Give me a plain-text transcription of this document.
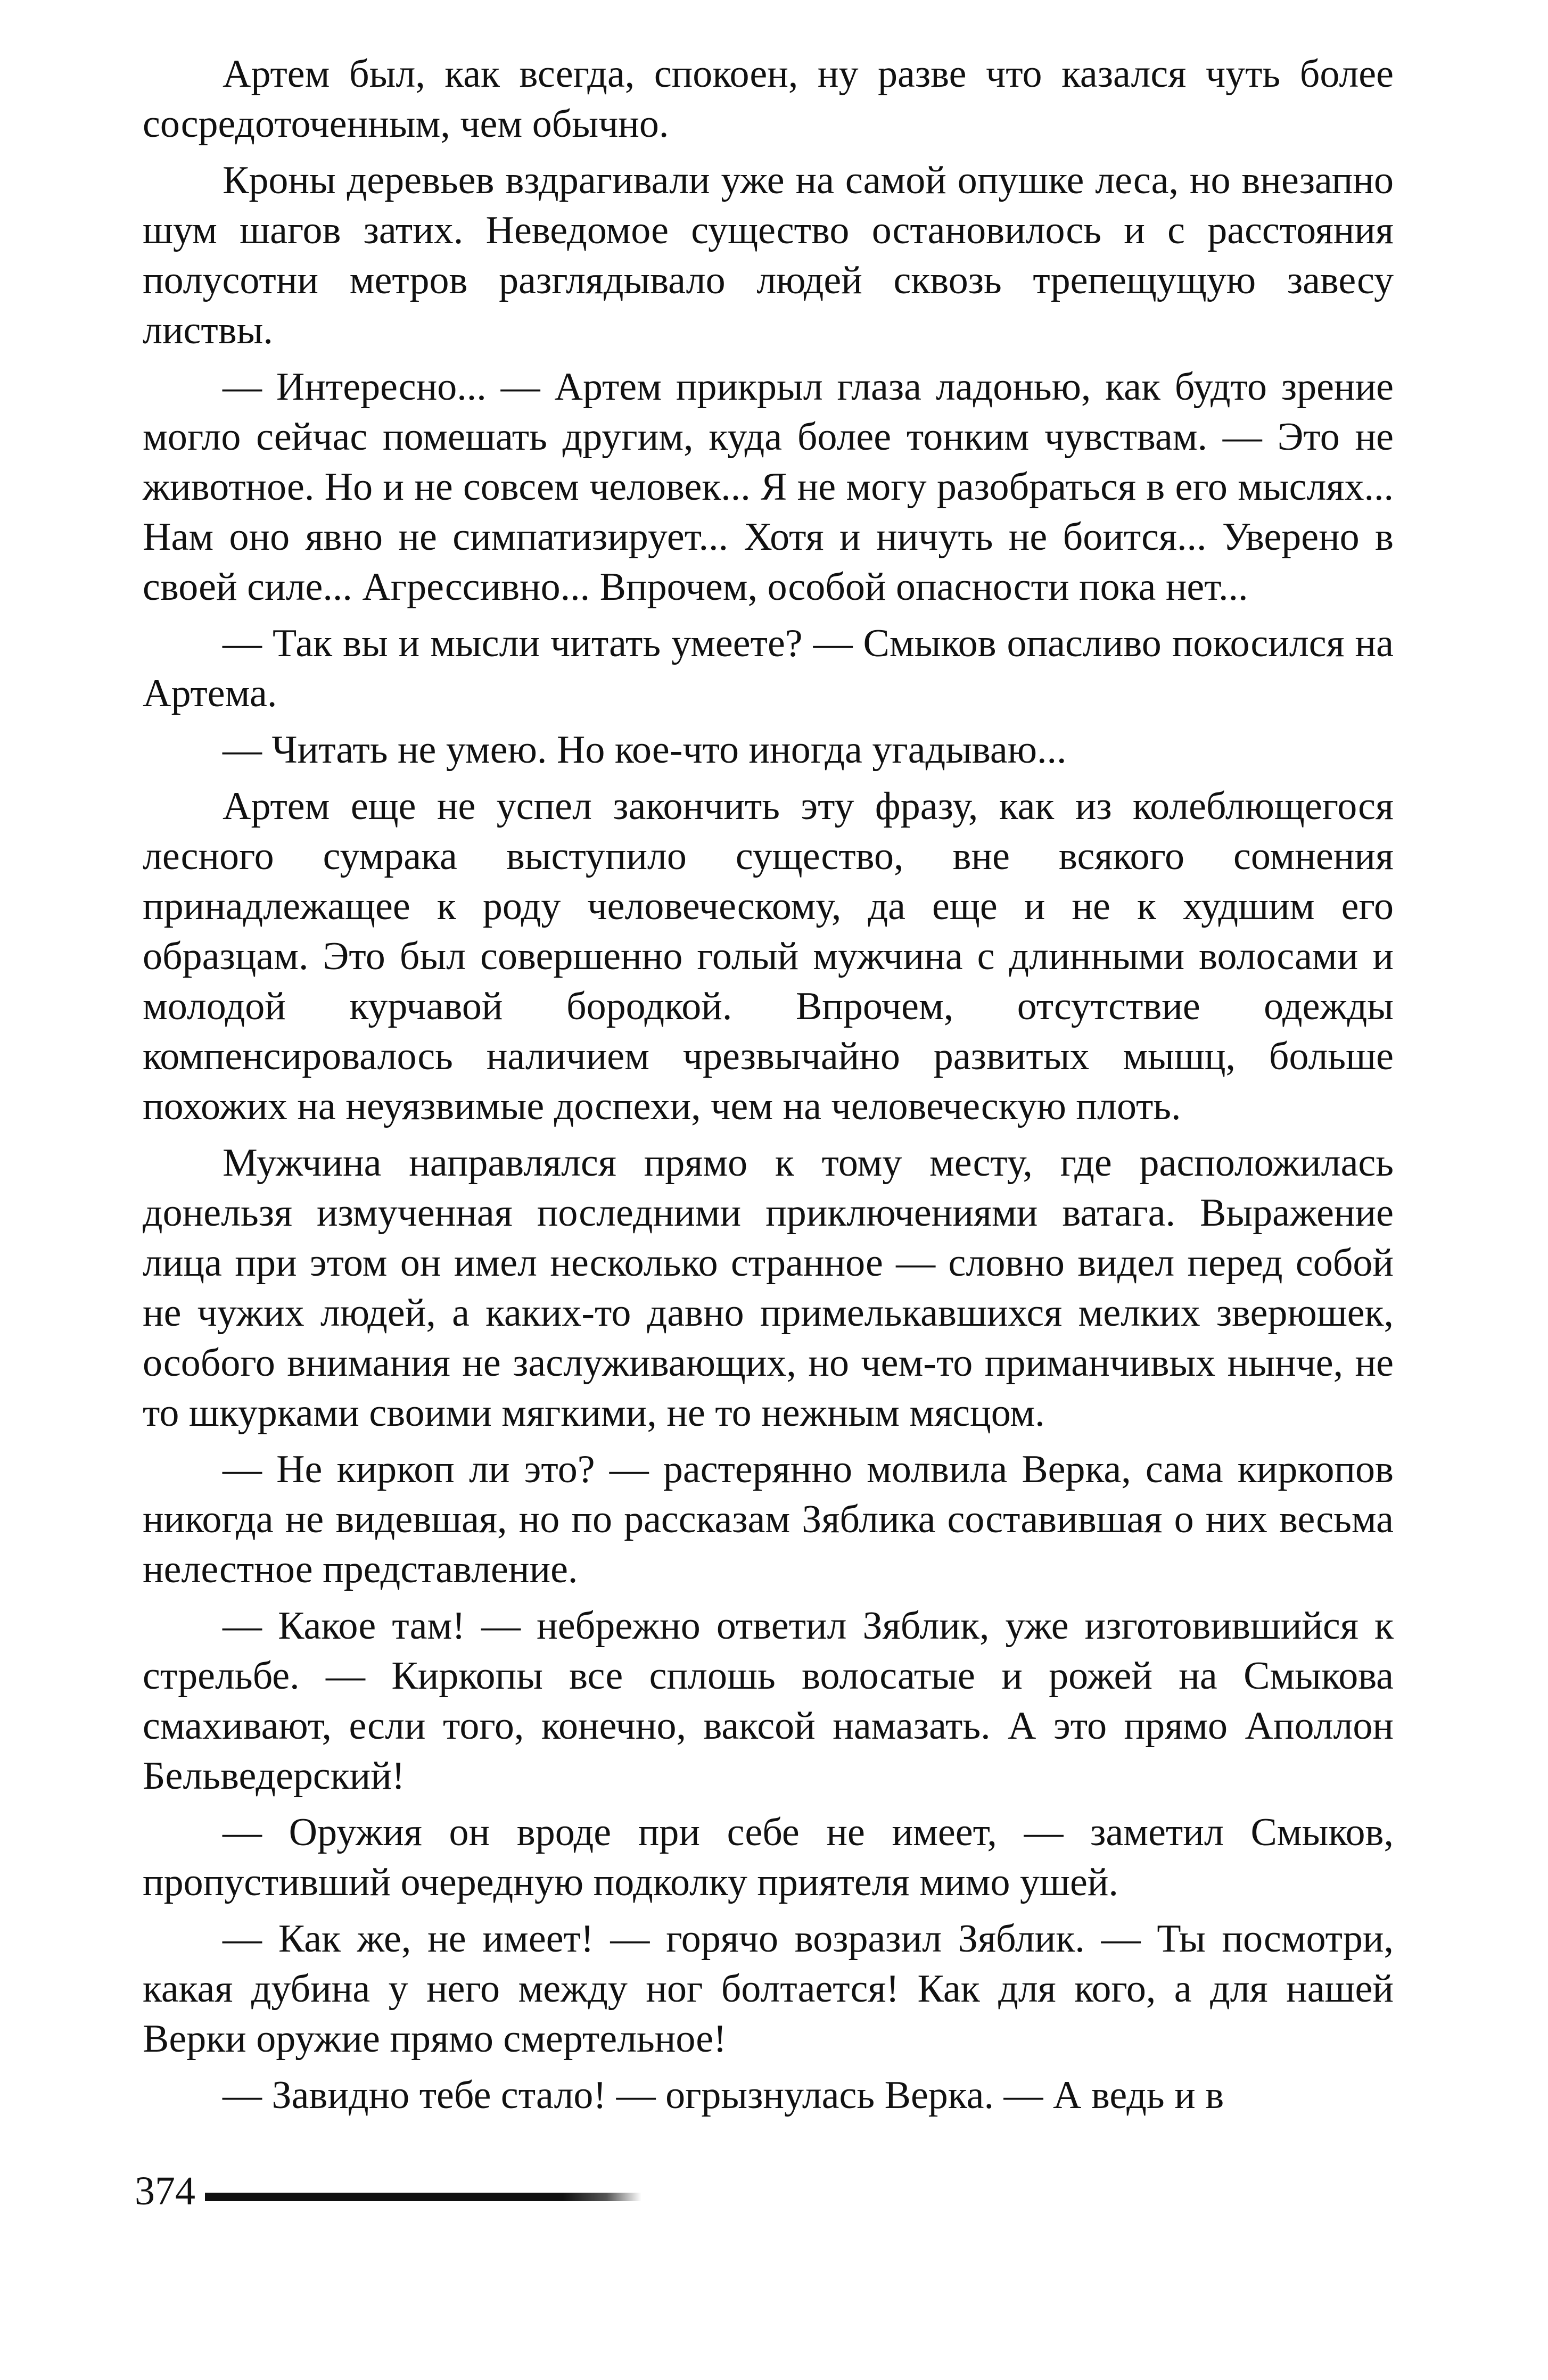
Артем был, как всегда, спокоен, ну разве что казался чуть более сосредоточенным, чем обычно.

Кроны деревьев вздрагивали уже на самой опушке леса, но внезапно шум шагов затих. Неведомое существо остановилось и с расстояния полусотни метров разглядывало людей сквозь трепещущую завесу листвы.

— Интересно... — Артем прикрыл глаза ладонью, как будто зрение могло сейчас помешать другим, куда более тонким чувствам. — Это не животное. Но и не совсем человек... Я не могу разобраться в его мыслях... Нам оно явно не симпатизирует... Хотя и ничуть не боится... Уверено в своей силе... Агрессивно... Впрочем, особой опасности пока нет...

— Так вы и мысли читать умеете? — Смыков опасливо покосился на Артема.

— Читать не умею. Но кое-что иногда угадываю...

Артем еще не успел закончить эту фразу, как из колеблющегося лесного сумрака выступило существо, вне всякого сомнения принадлежащее к роду человеческому, да еще и не к худшим его образцам. Это был совершенно голый мужчина с длинными волосами и молодой курчавой бородкой. Впрочем, отсутствие одежды компенсировалось наличием чрезвычайно развитых мышц, больше похожих на неуязвимые доспехи, чем на человеческую плоть.

Мужчина направлялся прямо к тому месту, где расположилась донельзя измученная последними приключениями ватага. Выражение лица при этом он имел несколько странное — словно видел перед собой не чужих людей, а каких-то давно примелькавшихся мелких зверюшек, особого внимания не заслуживающих, но чем-то приманчивых нынче, не то шкурками своими мягкими, не то нежным мясцом.

— Не киркоп ли это? — растерянно молвила Верка, сама киркопов никогда не видевшая, но по рассказам Зяблика составившая о них весьма нелестное представление.

— Какое там! — небрежно ответил Зяблик, уже изготовившийся к стрельбе. — Киркопы все сплошь волосатые и рожей на Смыкова смахивают, если того, конечно, ваксой намазать. А это прямо Аполлон Бельведерский!

— Оружия он вроде при себе не имеет, — заметил Смыков, пропустивший очередную подколку приятеля мимо ушей.

— Как же, не имеет! — горячо возразил Зяблик. — Ты посмотри, какая дубина у него между ног болтается! Как для кого, а для нашей Верки оружие прямо смертельное!

— Завидно тебе стало! — огрызнулась Верка. — А ведь и в

374
